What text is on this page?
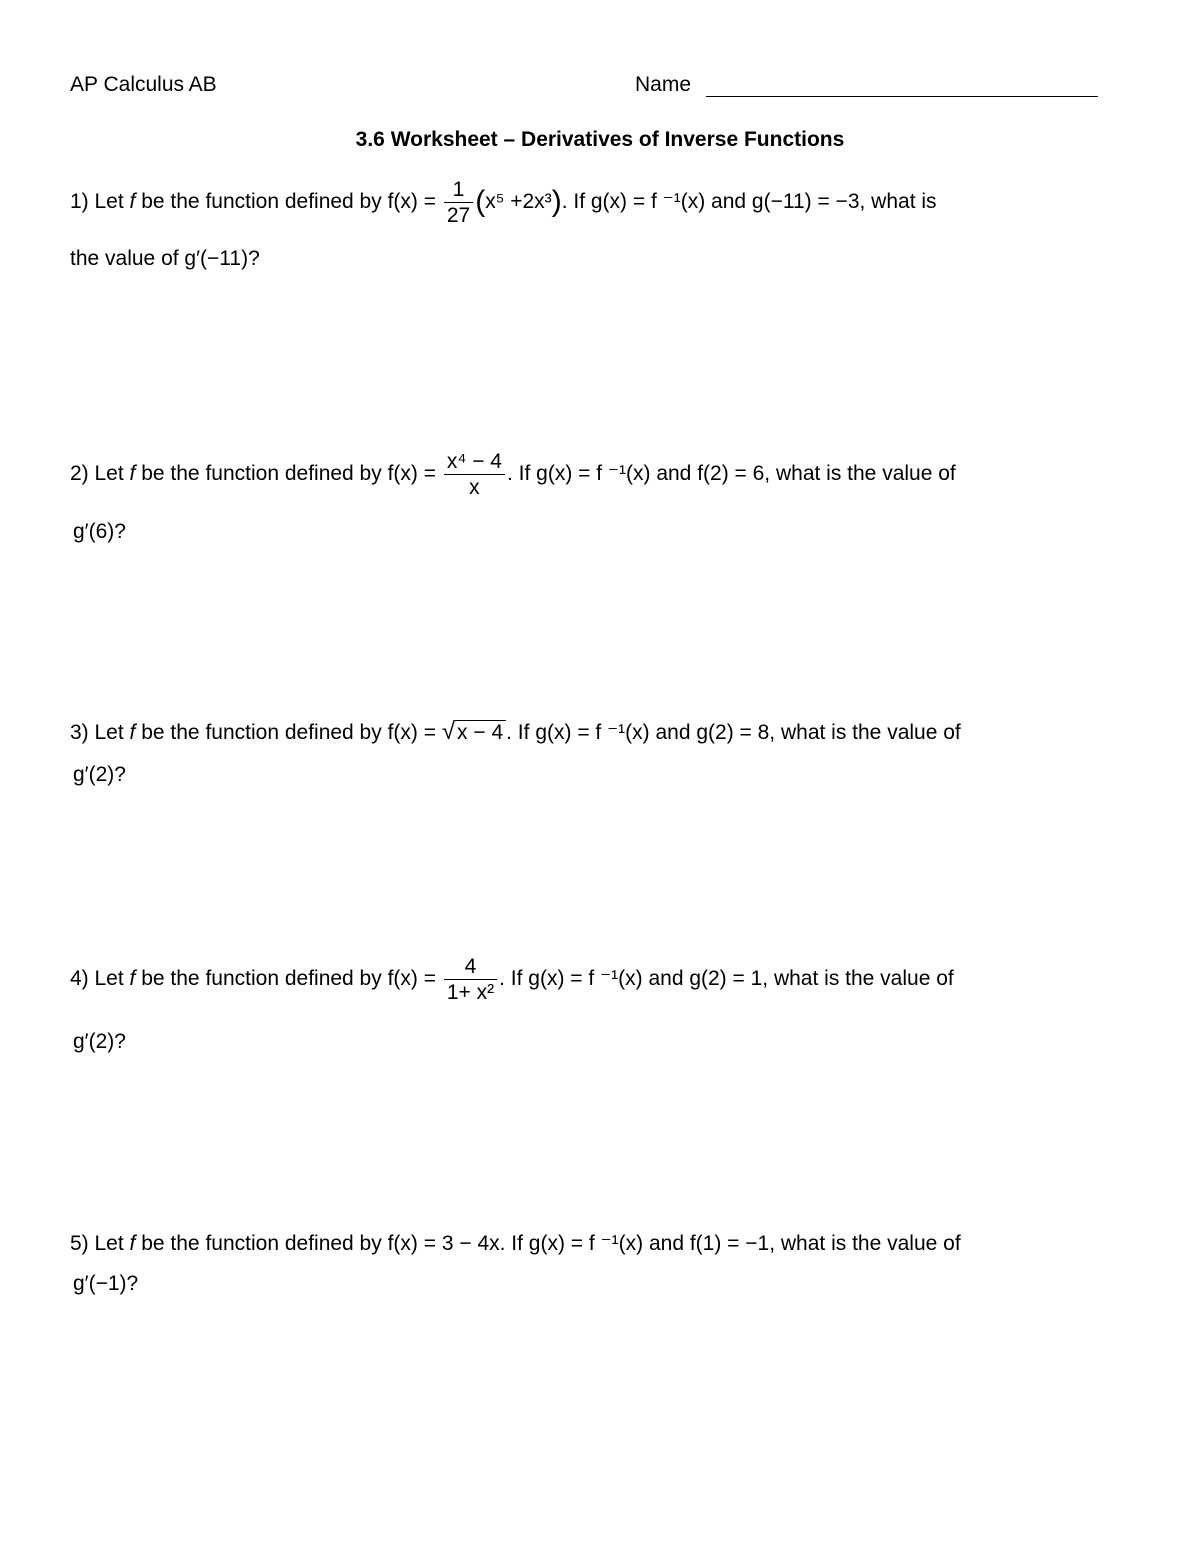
AP Calculus AB	Name
3.6 Worksheet – Derivatives of Inverse Functions
1) Let f be the function defined by $f(x) = \frac{1}{27} (x^5 +2x^3)$. If g(x) = f ⁻¹(x) and g(−11) = −3, what is
the value of g′(−11)?
2) Let f be the function defined by $f(x) = \frac{\text{x⁴ − 4}}{x}$ . If g(x) = f ⁻¹(x) and f(2) = 6, what is the value of
g′(6)?
3) Let f be the function defined by f(x) = √x − 4 . If g(x) = f ⁻¹(x) and g(2) = 8, what is the value of
g′(2)?
4) Let f be the function defined by $f(x) = \frac{4}{\text{1+ x²}}$ . If g(x) = f ⁻¹(x) and g(2) = 1, what is the value of
g′(2)?
5) Let f be the function defined by f(x) = 3 − 4x. If g(x) = f ⁻¹(x) and f(1) = −1, what is the value of
g′(−1)?
